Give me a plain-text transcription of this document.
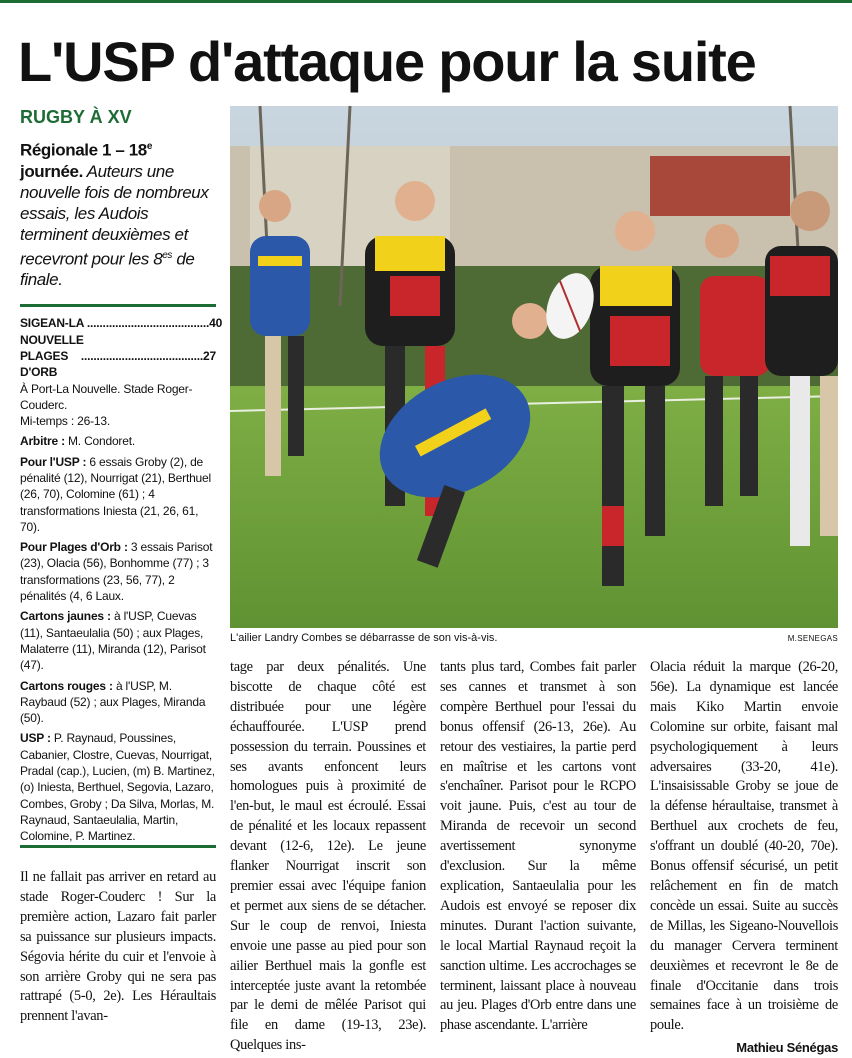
L'USP d'attaque pour la suite
RUGBY À XV
Régionale 1 – 18e journée. Auteurs une nouvelle fois de nombreux essais, les Audois terminent deuxièmes et recevront pour les $8^{es}$ de finale.
SIGEAN-LA NOUVELLE
....................................... 40
PLAGES D'ORB
....................................... 27

À Port-La Nouvelle. Stade Roger-Couderc.

Mi-temps : 26-13.

Arbitre : M. Condoret.

Pour l'USP : 6 essais Groby (2), de pénalité (12), Nourrigat (21), Berthuel (26, 70), Colomine (61) ; 4 transformations Iniesta (21, 26, 61, 70).

Pour Plages d'Orb : 3 essais Parisot (23), Olacia (56), Bonhomme (77) ; 3 transformations (23, 56, 77), 2 pénalités (4, 6 Laux.

Cartons jaunes : à l'USP, Cuevas (11), Santaeulalia (50) ; aux Plages, Malaterre (11), Miranda (12), Parisot (47).

Cartons rouges : à l'USP, M. Raybaud (52) ; aux Plages, Miranda (50).

USP : P. Raynaud, Poussines, Cabanier, Clostre, Cuevas, Nourrigat, Pradal (cap.), Lucien, (m) B. Martinez, (o) Iniesta, Berthuel, Segovia, Lazaro, Combes, Groby ; Da Silva, Morlas, M. Raynaud, Santaeulalia, Martin, Colomine, P. Martinez.

L'ailier Landry Combes se débarrasse de son vis-à-vis.	M.SENEGAS

Il ne fallait pas arriver en retard au stade Roger-Couderc ! Sur la première action, Lazaro fait parler sa puissance sur plusieurs impacts. Ségovia hérite du cuir et l'envoie à son arrière Groby qui ne sera pas rattrapé (5-0, 2e). Les Héraultais prennent l'avan-

tage par deux pénalités. Une biscotte de chaque côté est distribuée pour une légère échauffourée. L'USP prend possession du terrain. Poussines et ses avants enfoncent leurs homologues puis à proximité de l'en-but, le maul est écroulé. Essai de pénalité et les locaux repassent devant (12-6, 12e). Le jeune flanker Nourrigat inscrit son premier essai avec l'équipe fanion et permet aux siens de se détacher. Sur le coup de renvoi, Iniesta envoie une passe au pied pour son ailier Berthuel mais la gonfle est interceptée juste avant la retombée par le demi de mêlée Parisot qui file en dame (19-13, 23e). Quelques ins-

tants plus tard, Combes fait parler ses cannes et transmet à son compère Berthuel pour l'essai du bonus offensif (26-13, 26e). Au retour des vestiaires, la partie perd en maîtrise et les cartons vont s'enchaîner. Parisot pour le RCPO voit jaune. Puis, c'est au tour de Miranda de recevoir un second avertissement synonyme d'exclusion. Sur la même explication, Santaeulalia pour les Audois est envoyé se reposer dix minutes. Durant l'action suivante, le local Martial Raynaud reçoit la sanction ultime. Les accrochages se terminent, laissant place à nouveau au jeu. Plages d'Orb entre dans une phase ascendante. L'arrière

Olacia réduit la marque (26-20, 56e). La dynamique est lancée mais Kiko Martin envoie Colomine sur orbite, faisant mal psychologiquement à leurs adversaires (33-20, 41e). L'insaisissable Groby se joue de la défense héraultaise, transmet à Berthuel aux crochets de feu, s'offrant un doublé (40-20, 70e). Bonus offensif sécurisé, un petit relâchement en fin de match concède un essai. Suite au succès de Millas, les Sigeano-Nouvellois du manager Cervera terminent deuxièmes et recevront le 8e de finale d'Occitanie dans trois semaines face à un troisième de poule.

Mathieu Sénégas
